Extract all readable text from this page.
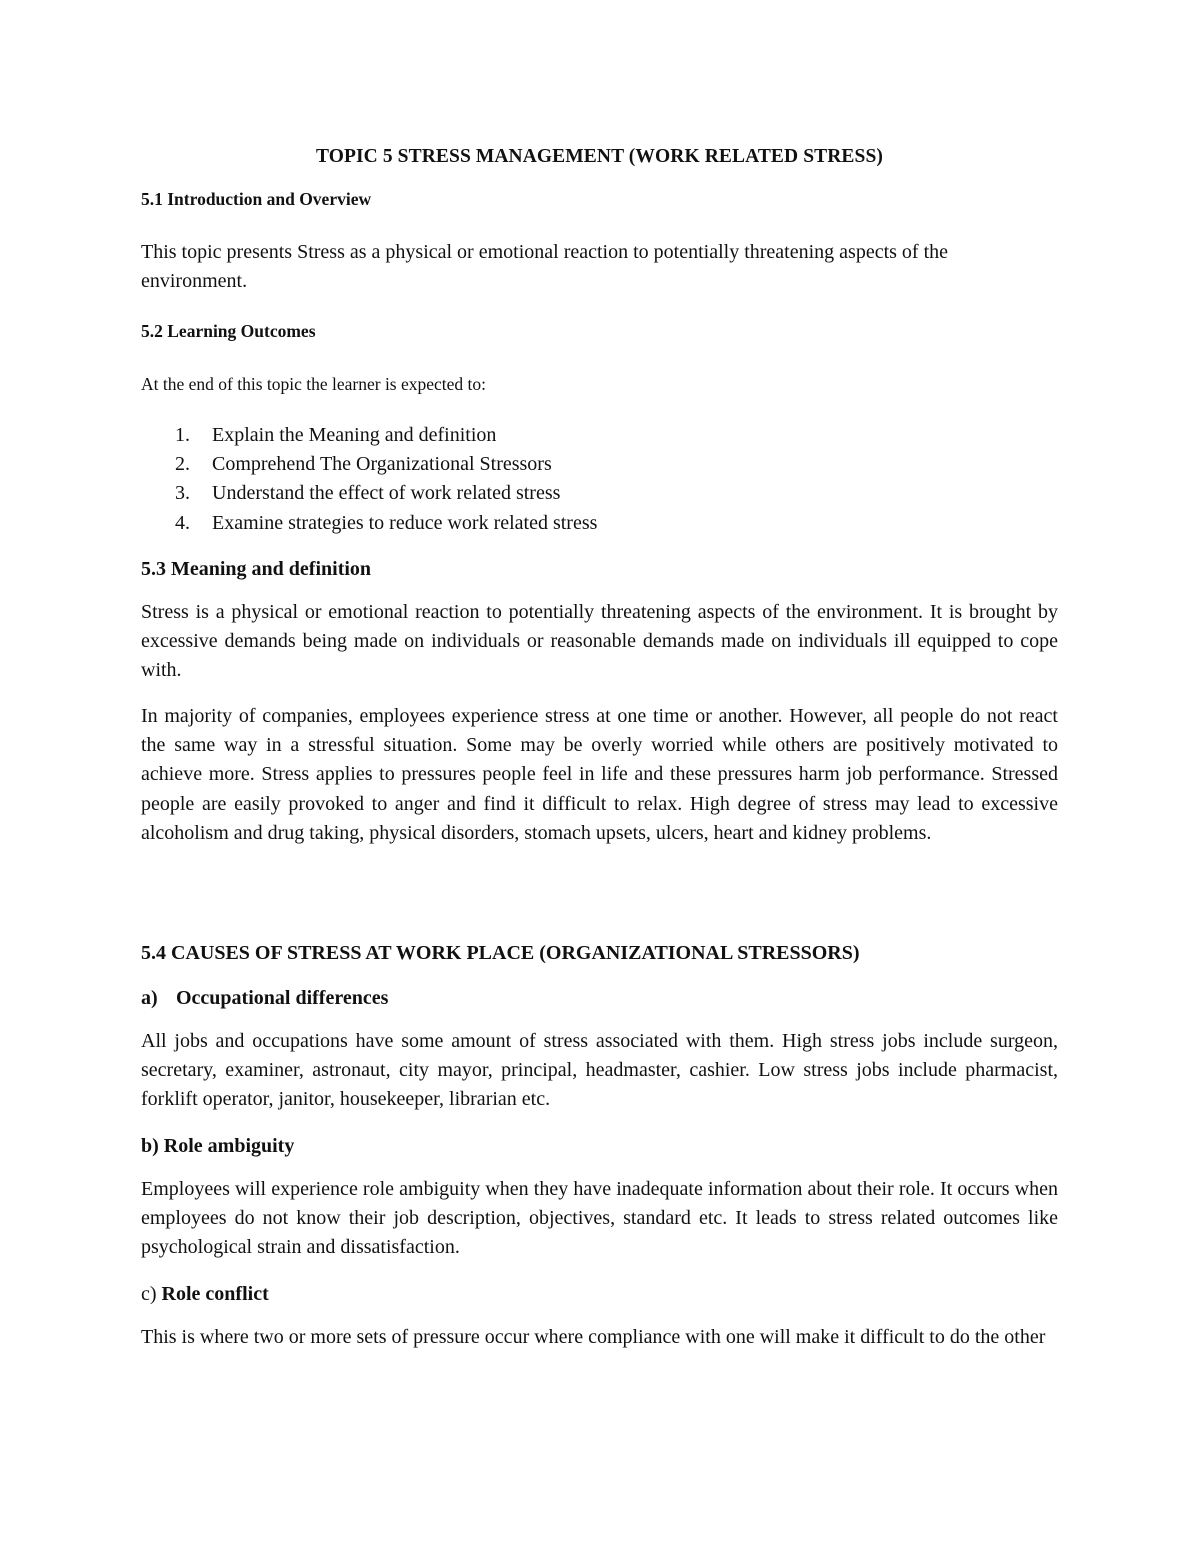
TOPIC 5 STRESS MANAGEMENT (WORK RELATED STRESS)
5.1 Introduction and Overview

This topic presents Stress as a physical or emotional reaction to potentially threatening aspects of the environment.

5.2 Learning Outcomes

At the end of this topic the learner is expected to:

1. Explain the Meaning and definition
2. Comprehend The Organizational Stressors
3. Understand the effect of work related stress
4. Examine strategies to reduce work related stress
5.3 Meaning and definition

Stress is a physical or emotional reaction to potentially threatening aspects of the environment. It is brought by excessive demands being made on individuals or reasonable demands made on individuals ill equipped to cope with.

In majority of companies, employees experience stress at one time or another. However, all people do not react the same way in a stressful situation. Some may be overly worried while others are positively motivated to achieve more. Stress applies to pressures people feel in life and these pressures harm job performance. Stressed people are easily provoked to anger and find it difficult to relax. High degree of stress may lead to excessive alcoholism and drug taking, physical disorders, stomach upsets, ulcers, heart and kidney problems.

5.4 CAUSES OF STRESS AT WORK PLACE (ORGANIZATIONAL STRESSORS)
a) Occupational differences

All jobs and occupations have some amount of stress associated with them. High stress jobs include surgeon, secretary, examiner, astronaut, city mayor, principal, headmaster, cashier. Low stress jobs include pharmacist, forklift operator, janitor, housekeeper, librarian etc.

b) Role ambiguity

Employees will experience role ambiguity when they have inadequate information about their role. It occurs when employees do not know their job description, objectives, standard etc. It leads to stress related outcomes like psychological strain and dissatisfaction.

c) Role conflict

This is where two or more sets of pressure occur where compliance with one will make it difficult to do the other
